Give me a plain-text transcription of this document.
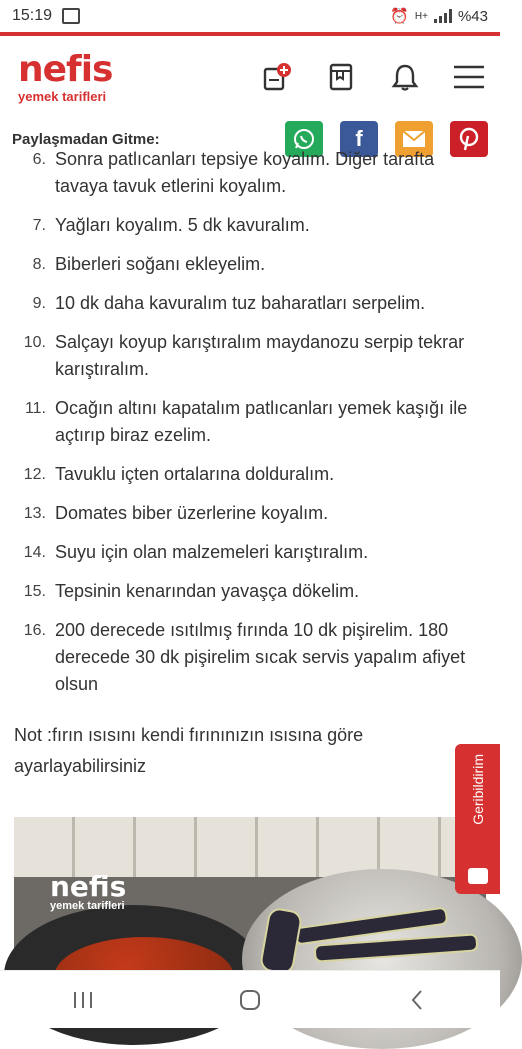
15:19	⏰ H+ %43
nefis
yemek tarifleri
Paylaşmadan Gitme:	f
6. Sonra patlıcanları tepsiye koyalım. Diğer tarafta tavaya tavuk etlerini koyalım.
7. Yağları koyalım. 5 dk kavuralım.
8. Biberleri soğanı ekleyelim.
9. 10 dk daha kavuralım tuz baharatları serpelim.
10. Salçayı koyup karıştıralım maydanozu serpip tekrar karıştıralım.
11. Ocağın altını kapatalım patlıcanları yemek kaşığı ile açtırıp biraz ezelim.
12. Tavuklu içten ortalarına dolduralım.
13. Domates biber üzerlerine koyalım.
14. Suyu için olan malzemeleri karıştıralım.
15. Tepsinin kenarından yavaşça dökelim.
16. 200 derecede ısıtılmış fırında 10 dk pişirelim. 180 derecede 30 dk pişirelim sıcak servis yapalım afiyet olsun
Not :fırın ısısını kendi fırınınızın ısısına göre ayarlayabilirsiniz
nefis
yemek tarifleri
Geribildirim
